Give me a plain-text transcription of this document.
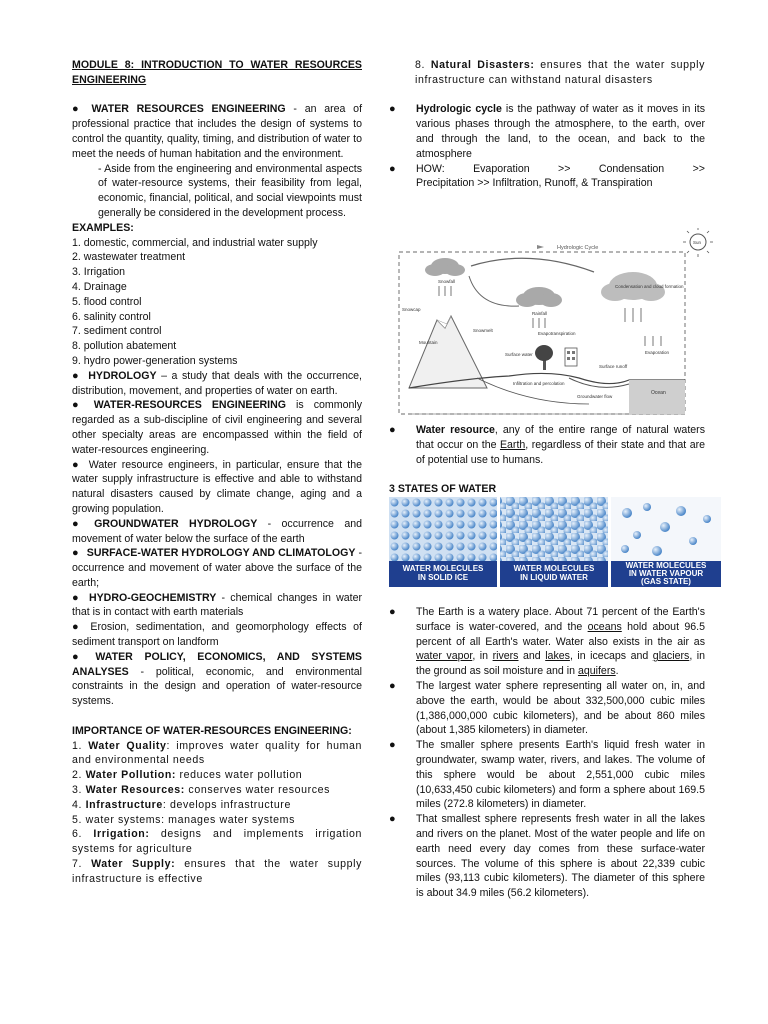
MODULE 8: INTRODUCTION TO WATER RESOURCES ENGINEERING

● WATER RESOURCES ENGINEERING - an area of professional practice that includes the design of systems to control the quantity, quality, timing, and distribution of water to meet the needs of human habitation and the environment.

- Aside from the engineering and environmental aspects of water-resource systems, their feasibility from legal, economic, financial, political, and social viewpoints must generally be considered in the development process.

EXAMPLES:

1. domestic, commercial, and industrial water supply

2. wastewater treatment

3. Irrigation

4. Drainage

5. flood control

6. salinity control

7. sediment control

8. pollution abatement

9. hydro power-generation systems

● HYDROLOGY – a study that deals with the occurrence, distribution, movement, and properties of water on earth.

● WATER-RESOURCES ENGINEERING is commonly regarded as a sub-discipline of civil engineering and several other specialty areas are encompassed within the field of water-resources engineering.

● Water resource engineers, in particular, ensure that the water supply infrastructure is effective and able to withstand natural disasters caused by climate change, aging and a growing population.

● GROUNDWATER HYDROLOGY - occurrence and movement of water below the surface of the earth

● SURFACE-WATER HYDROLOGY AND CLIMATOLOGY - occurrence and movement of water above the surface of the earth;

● HYDRO-GEOCHEMISTRY - chemical changes in water that is in contact with earth materials

● Erosion, sedimentation, and geomorphology effects of sediment transport on landform

● WATER POLICY, ECONOMICS, AND SYSTEMS ANALYSES - political, economic, and environmental constraints in the design and operation of water-resource systems.

IMPORTANCE OF WATER-RESOURCES ENGINEERING:

1. Water Quality: improves water quality for human and environmental needs

2. Water Pollution: reduces water pollution

3. Water Resources: conserves water resources

4. Infrastructure: develops infrastructure

5. water systems: manages water systems

6. Irrigation: designs and implements irrigation systems for agriculture

7. Water Supply: ensures that the water supply infrastructure is effective

8. Natural Disasters: ensures that the water supply infrastructure can withstand natural disasters

● Hydrologic cycle is the pathway of water as it moves in its various phases through the atmosphere, to the earth, over and through the land, to the ocean, and back to the atmosphere

● HOW: Evaporation >> Condensation >>
Precipitation >> Infiltration, Runoff, & Transpiration

Hydrologic Cycle
Sun
Snowfall
Rainfall
Condensation and cloud formation
Snowcap
Mountain
Snowmelt
Evapotranspiration
Surface water
Surface runoff
Infiltration and percolation
Groundwater flow
Ocean
Evaporation

● Water resource, any of the entire range of natural waters that occur on the Earth, regardless of their state and that are of potential use to humans.

3 STATES OF WATER
WATER MOLECULES
IN SOLID ICE
WATER MOLECULES
IN LIQUID WATER
WATER MOLECULES
IN WATER VAPOUR
(GAS STATE)

● The Earth is a watery place. About 71 percent of the Earth's surface is water-covered, and the oceans hold about 96.5 percent of all Earth's water. Water also exists in the air as water vapor, in rivers and lakes, in icecaps and glaciers, in the ground as soil moisture and in aquifers.

● The largest water sphere representing all water on, in, and above the earth, would be about 332,500,000 cubic miles (1,386,000,000 cubic kilometers), and be about 860 miles (about 1,385 kilometers) in diameter.

● The smaller sphere presents Earth's liquid fresh water in groundwater, swamp water, rivers, and lakes. The volume of this sphere would be about 2,551,000 cubic miles (10,633,450 cubic kilometers) and form a sphere about 169.5 miles (272.8 kilometers) in diameter.

● That smallest sphere represents fresh water in all the lakes and rivers on the planet. Most of the water people and life on earth need every day comes from these surface-water sources. The volume of this sphere is about 22,339 cubic miles (93,113 cubic kilometers). The diameter of this sphere is about 34.9 miles (56.2 kilometers).
